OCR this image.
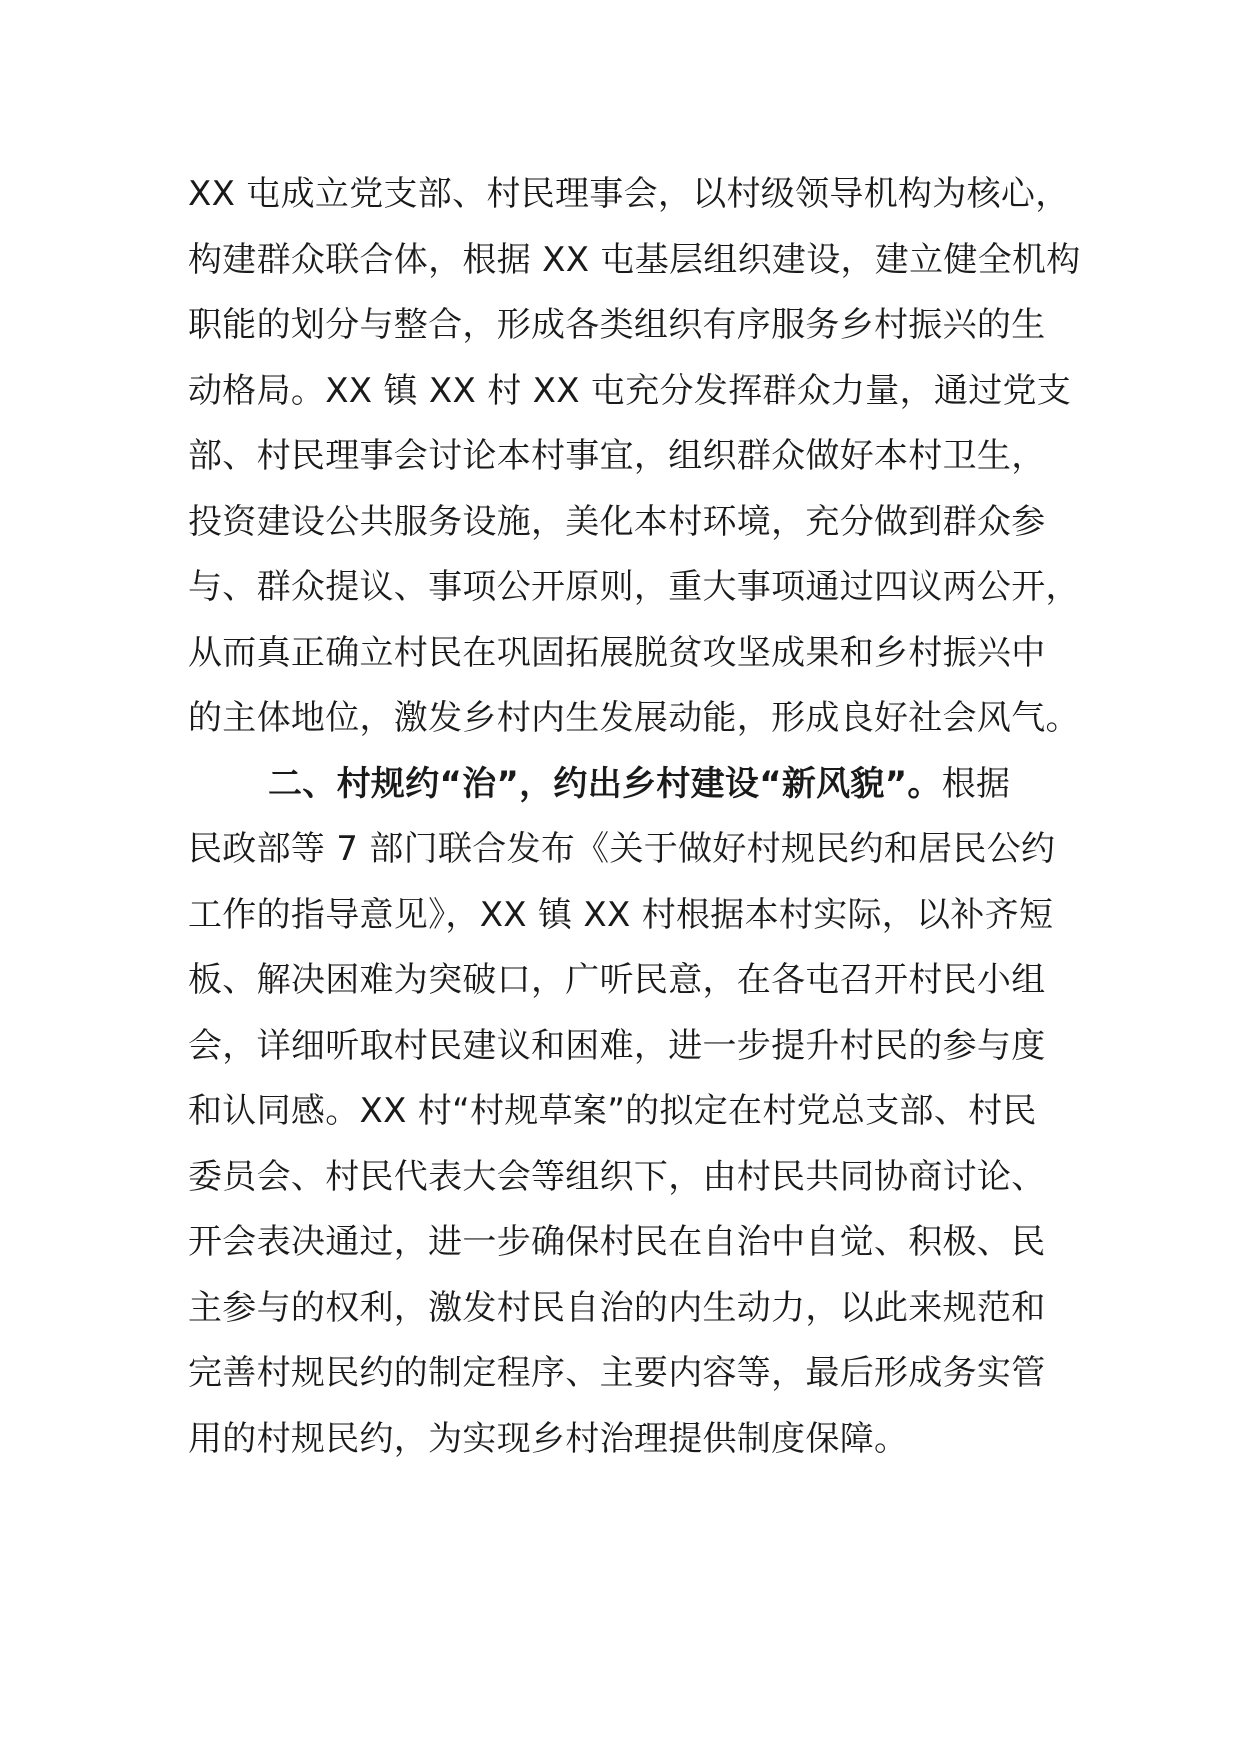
XX 屯成立党支部、村民理事会，以村级领导机构为核心，
构建群众联合体，根据 XX 屯基层组织建设，建立健全机构
职能的划分与整合，形成各类组织有序服务乡村振兴的生
动格局。XX 镇 XX 村 XX 屯充分发挥群众力量，通过党支
部、村民理事会讨论本村事宜，组织群众做好本村卫生，
投资建设公共服务设施，美化本村环境，充分做到群众参
与、群众提议、事项公开原则，重大事项通过四议两公开，
从而真正确立村民在巩固拓展脱贫攻坚成果和乡村振兴中
的主体地位，激发乡村内生发展动能，形成良好社会风气。
二、村规约“治”，约出乡村建设“新风貌”。根据
民政部等 7 部门联合发布《关于做好村规民约和居民公约
工作的指导意见》，XX 镇 XX 村根据本村实际，以补齐短
板、解决困难为突破口，广听民意，在各屯召开村民小组
会，详细听取村民建议和困难，进一步提升村民的参与度
和认同感。XX 村“村规草案”的拟定在村党总支部、村民
委员会、村民代表大会等组织下，由村民共同协商讨论、
开会表决通过，进一步确保村民在自治中自觉、积极、民
主参与的权利，激发村民自治的内生动力，以此来规范和
完善村规民约的制定程序、主要内容等，最后形成务实管
用的村规民约，为实现乡村治理提供制度保障。
